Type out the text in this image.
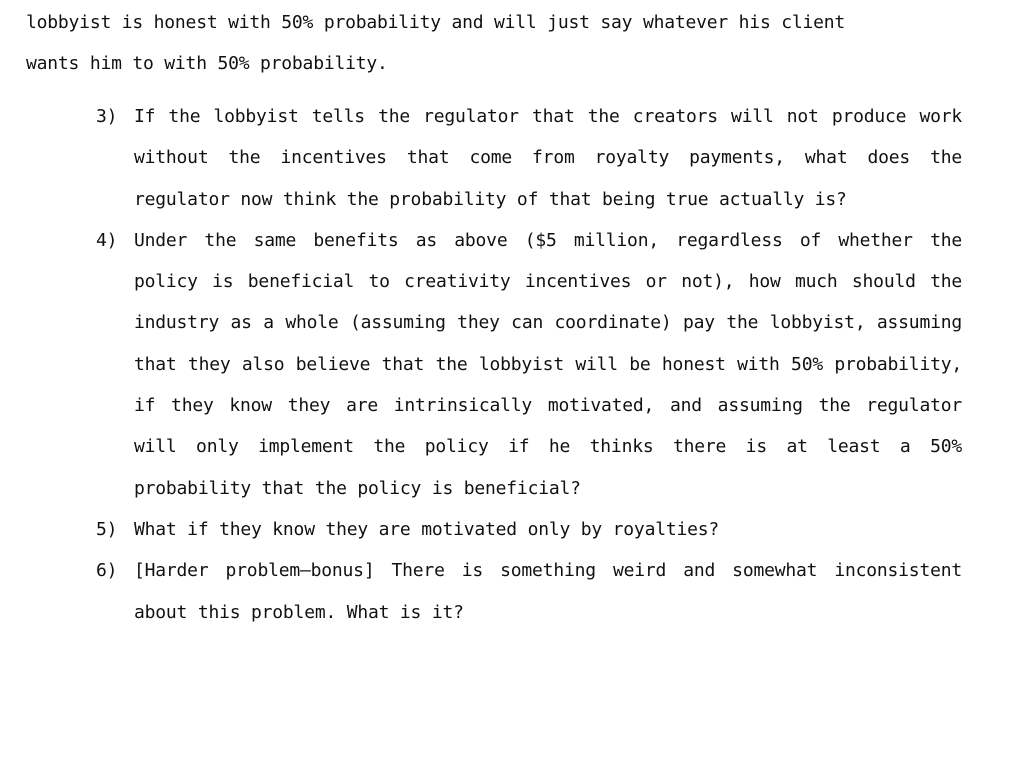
lobbyist is honest with 50% probability and will just say whatever his client
wants him to with 50% probability.
3) If the lobbyist tells the regulator that the creators will not produce work without the incentives that come from royalty payments, what does the regulator now think the probability of that being true actually is?
4) Under the same benefits as above ($5 million, regardless of whether the policy is beneficial to creativity incentives or not), how much should the industry as a whole (assuming they can coordinate) pay the lobbyist, assuming that they also believe that the lobbyist will be honest with 50% probability, if they know they are intrinsically motivated, and assuming the regulator will only implement the policy if he thinks there is at least a 50% probability that the policy is beneficial?
5) What if they know they are motivated only by royalties?
6) [Harder problem—bonus] There is something weird and somewhat inconsistent about this problem. What is it?
